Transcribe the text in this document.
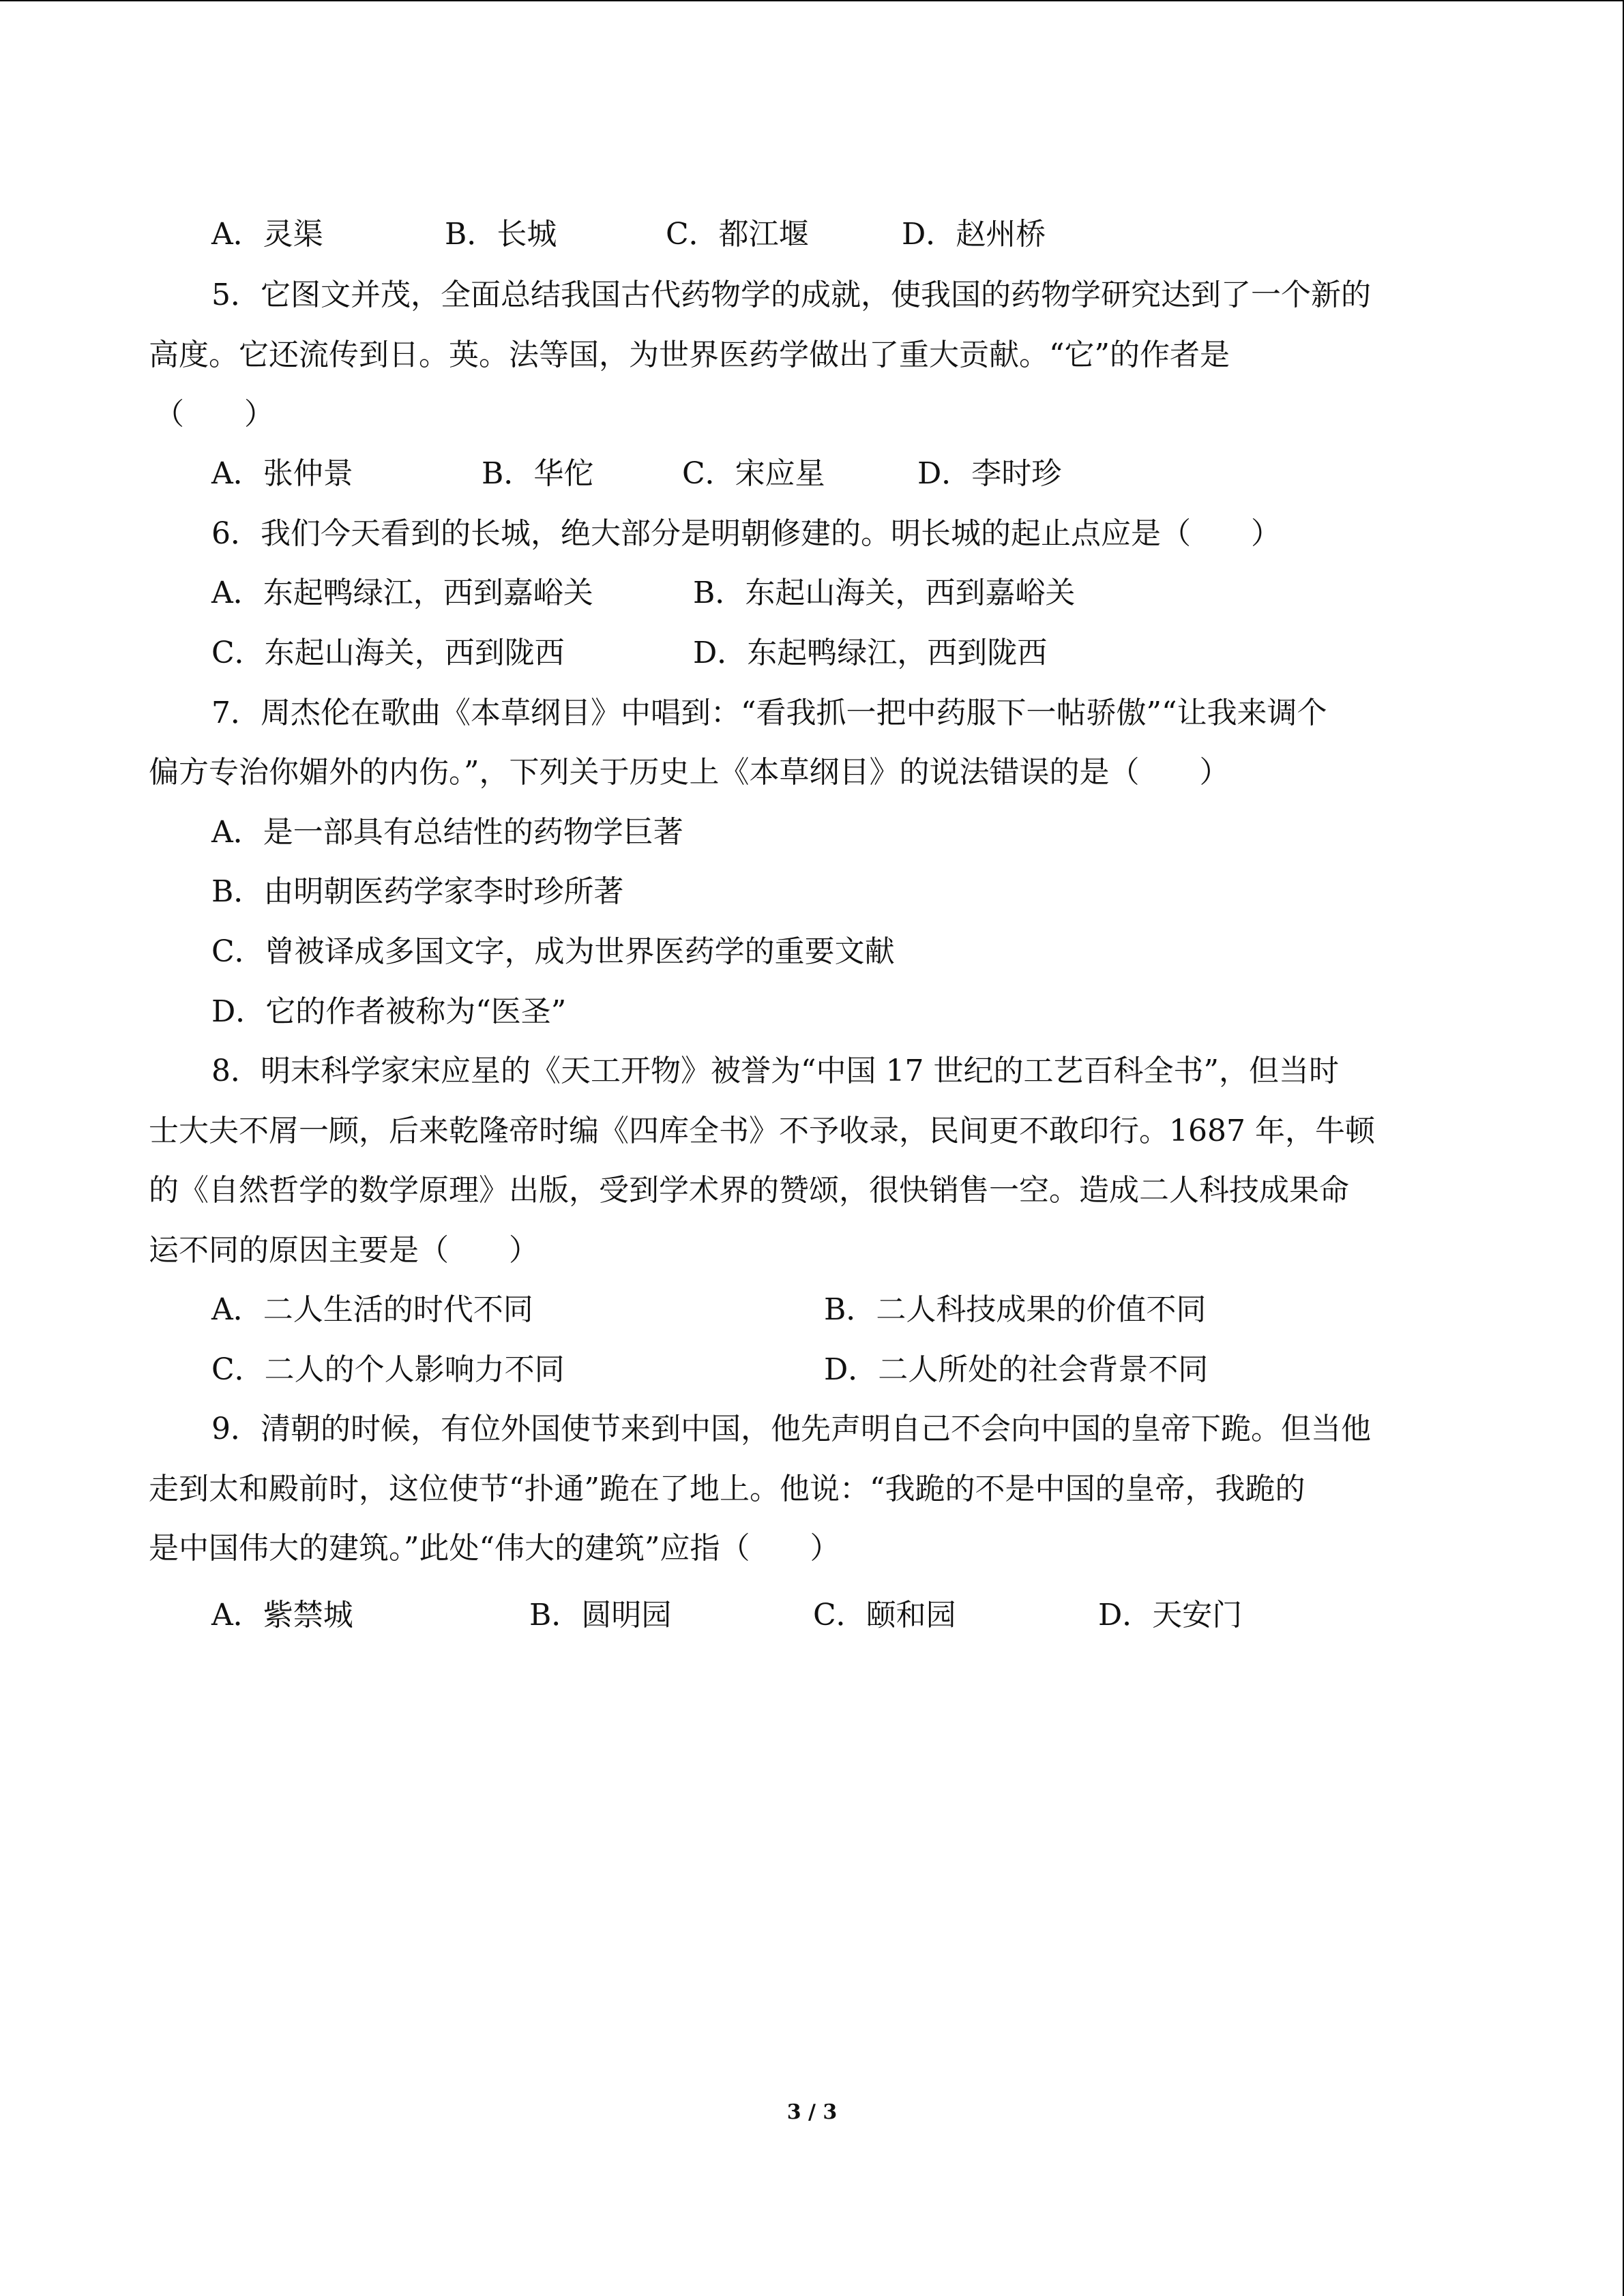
A．灵渠	B．长城	C．都江堰	D．赵州桥
5．它图文并茂，全面总结我国古代药物学的成就，使我国的药物学研究达到了一个新的
高度。它还流传到日。英。法等国，为世界医药学做出了重大贡献。“它”的作者是
（　　）
A．张仲景	B．华佗	C．宋应星	D．李时珍
6．我们今天看到的长城，绝大部分是明朝修建的。明长城的起止点应是（　　）
A．东起鸭绿江，西到嘉峪关	B．东起山海关，西到嘉峪关
C．东起山海关，西到陇西	D．东起鸭绿江，西到陇西
7．周杰伦在歌曲《本草纲目》中唱到：“看我抓一把中药服下一帖骄傲”“让我来调个
偏方专治你媚外的内伤。”，下列关于历史上《本草纲目》的说法错误的是（　　）
A．是一部具有总结性的药物学巨著
B．由明朝医药学家李时珍所著
C．曾被译成多国文字，成为世界医药学的重要文献
D．它的作者被称为“医圣”
8．明末科学家宋应星的《天工开物》被誉为“中国 17 世纪的工艺百科全书”，但当时
士大夫不屑一顾，后来乾隆帝时编《四库全书》不予收录，民间更不敢印行。1687 年，牛顿
的《自然哲学的数学原理》出版，受到学术界的赞颂，很快销售一空。造成二人科技成果命
运不同的原因主要是（　　）
A．二人生活的时代不同	B．二人科技成果的价值不同
C．二人的个人影响力不同	D．二人所处的社会背景不同
9．清朝的时候，有位外国使节来到中国，他先声明自己不会向中国的皇帝下跪。但当他
走到太和殿前时，这位使节“扑通”跪在了地上。他说：“我跪的不是中国的皇帝，我跪的
是中国伟大的建筑。”此处“伟大的建筑”应指（　　）
A．紫禁城	B．圆明园	C．颐和园	D．天安门
3 / 3
